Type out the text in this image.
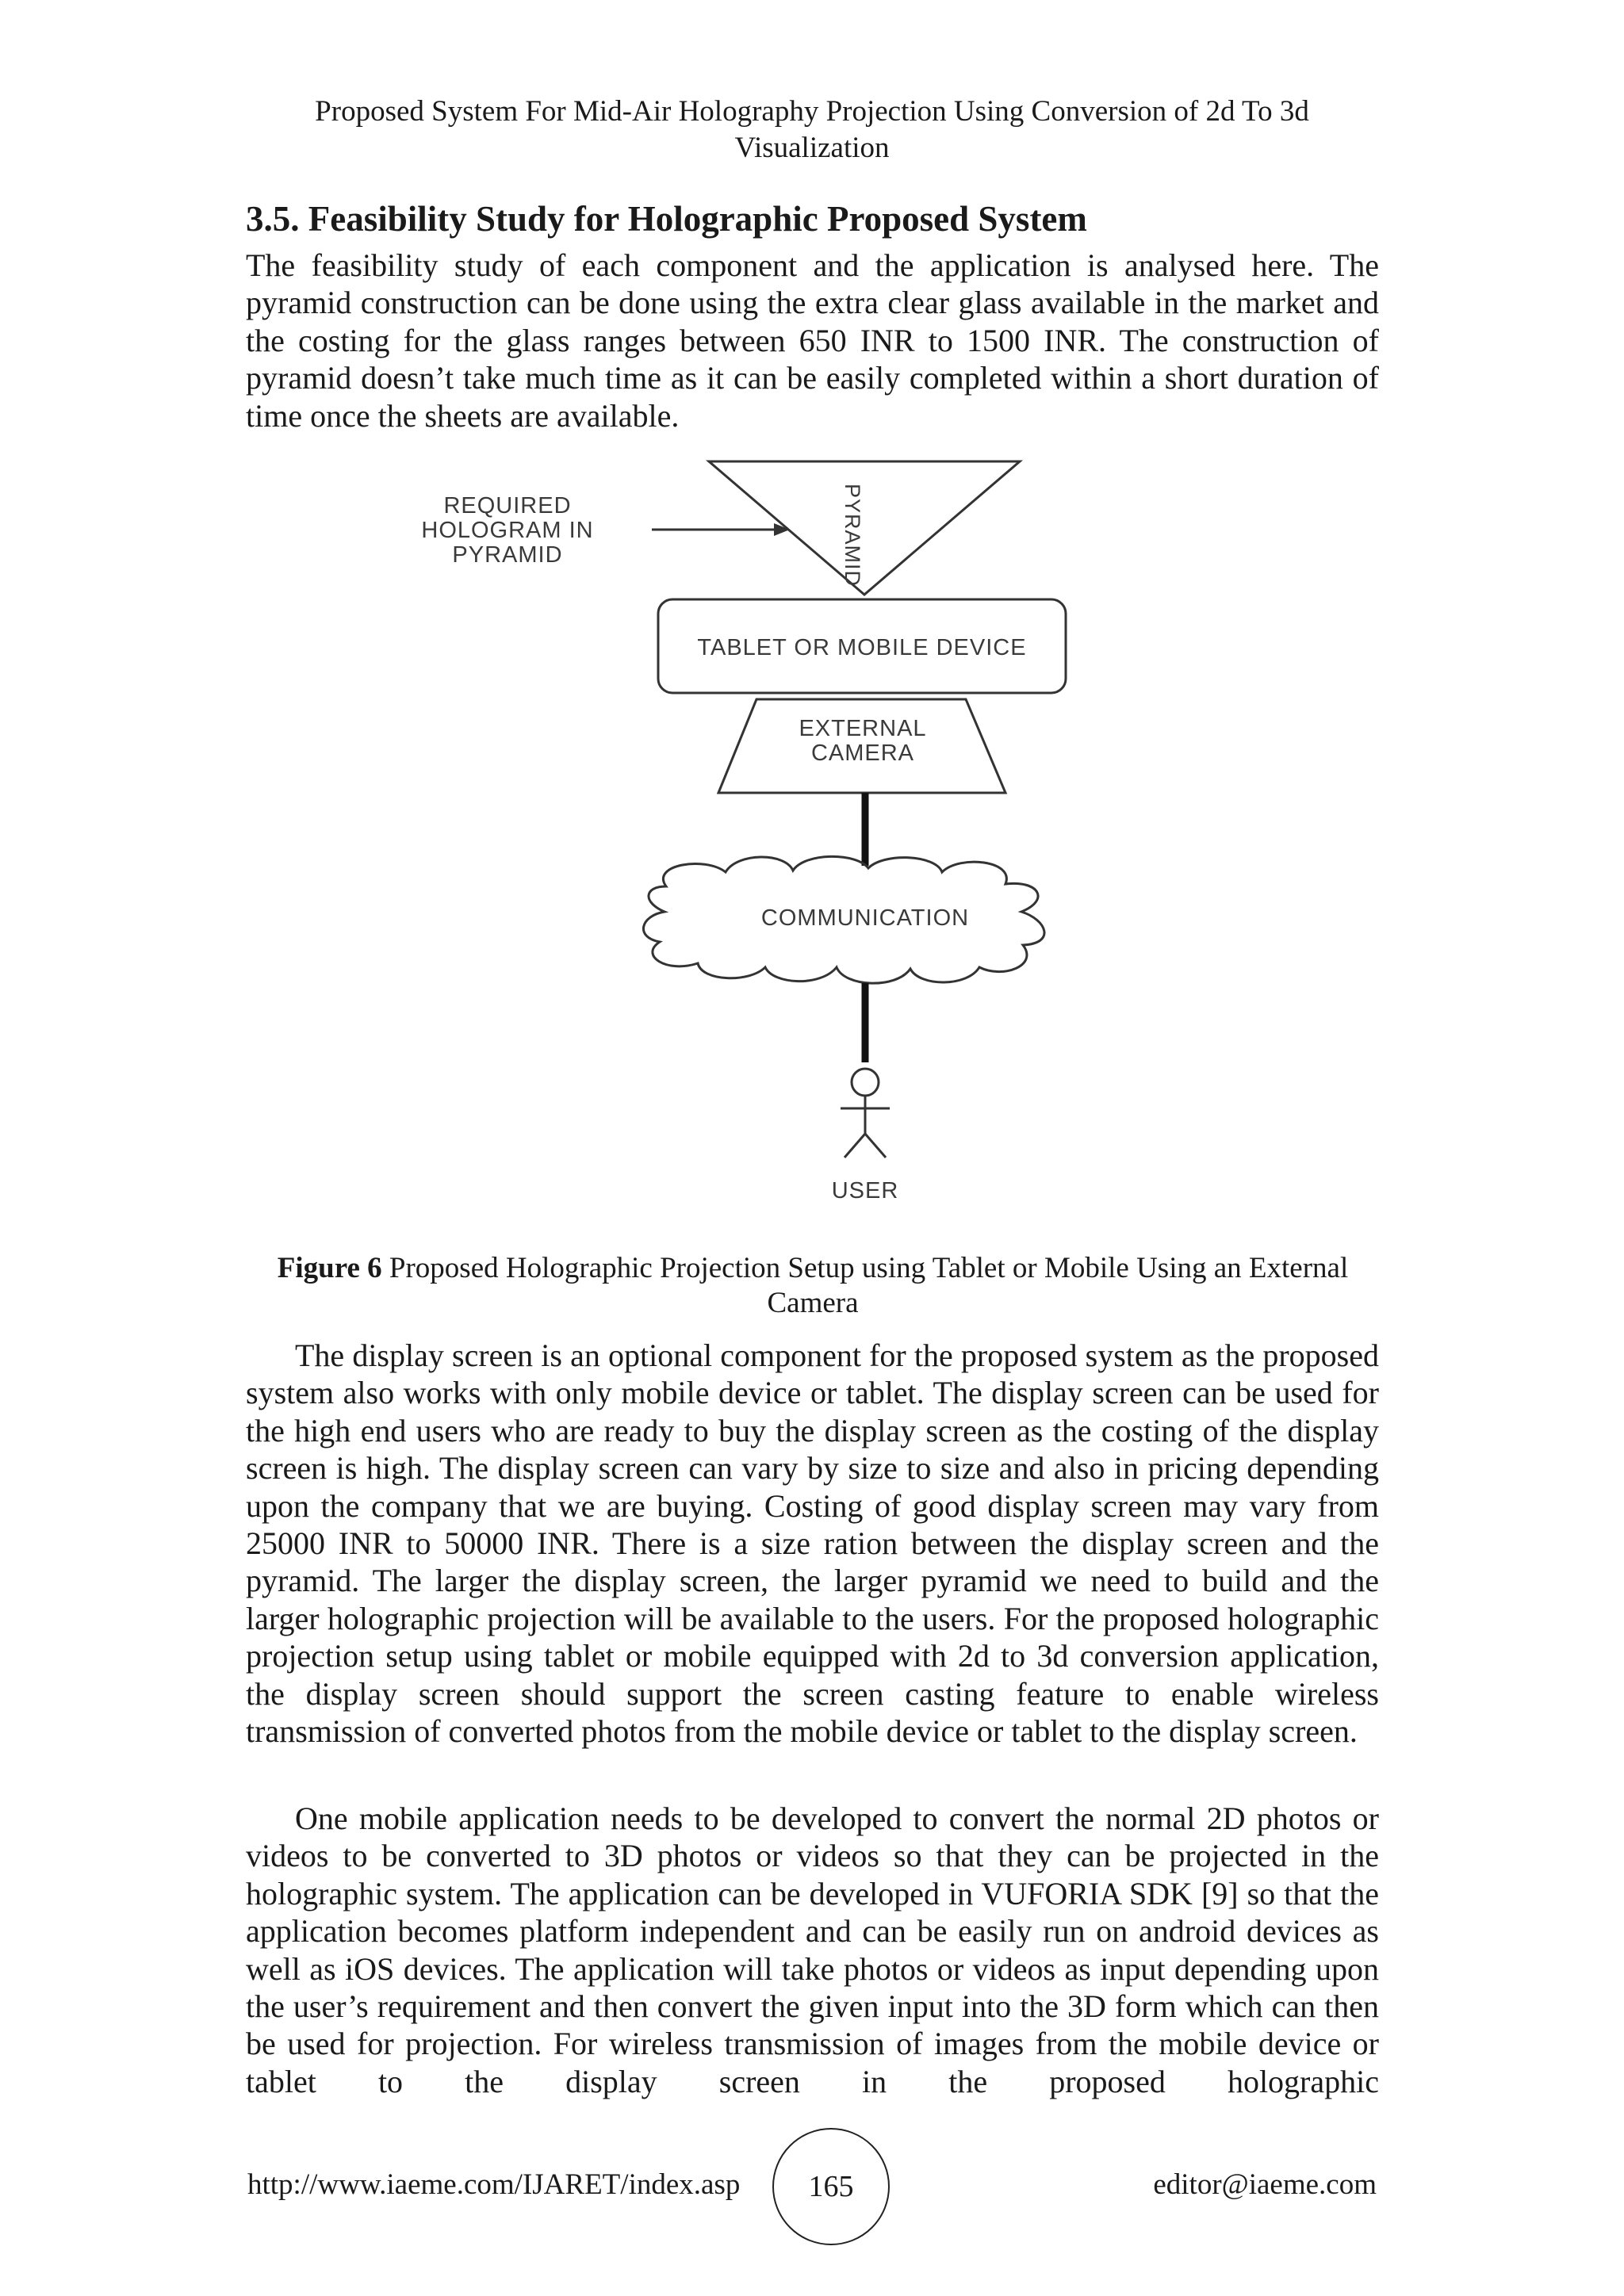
Proposed System For Mid-Air Holography Projection Using Conversion of 2d To 3d
Visualization
3.5. Feasibility Study for Holographic Proposed System

The feasibility study of each component and the application is analysed here. The pyramid construction can be done using the extra clear glass available in the market and the costing for the glass ranges between 650 INR to 1500 INR. The construction of pyramid doesn’t take much time as it can be easily completed within a short duration of time once the sheets are available.

PYRAMID
REQUIRED
HOLOGRAM IN
PYRAMID
TABLET OR MOBILE DEVICE
EXTERNAL
CAMERA
COMMUNICATION
USER
Figure 6 Proposed Holographic Projection Setup using Tablet or Mobile Using an External Camera

The display screen is an optional component for the proposed system as the proposed system also works with only mobile device or tablet. The display screen can be used for the high end users who are ready to buy the display screen as the costing of the display screen is high. The display screen can vary by size to size and also in pricing depending upon the company that we are buying. Costing of good display screen may vary from 25000 INR to 50000 INR. There is a size ration between the display screen and the pyramid. The larger the display screen, the larger pyramid we need to build and the larger holographic projection will be available to the users. For the proposed holographic projection setup using tablet or mobile equipped with 2d to 3d conversion application, the display screen should support the screen casting feature to enable wireless transmission of converted photos from the mobile device or tablet to the display screen.

One mobile application needs to be developed to convert the normal 2D photos or videos to be converted to 3D photos or videos so that they can be projected in the holographic system. The application can be developed in VUFORIA SDK [9] so that the application becomes platform independent and can be easily run on android devices as well as iOS devices. The application will take photos or videos as input depending upon the user’s requirement and then convert the given input into the 3D form which can then be used for projection. For wireless transmission of images from the mobile device or tablet to the display screen in the proposed holographic

http://www.iaeme.com/IJARET/index.asp 165	editor@iaeme.com
